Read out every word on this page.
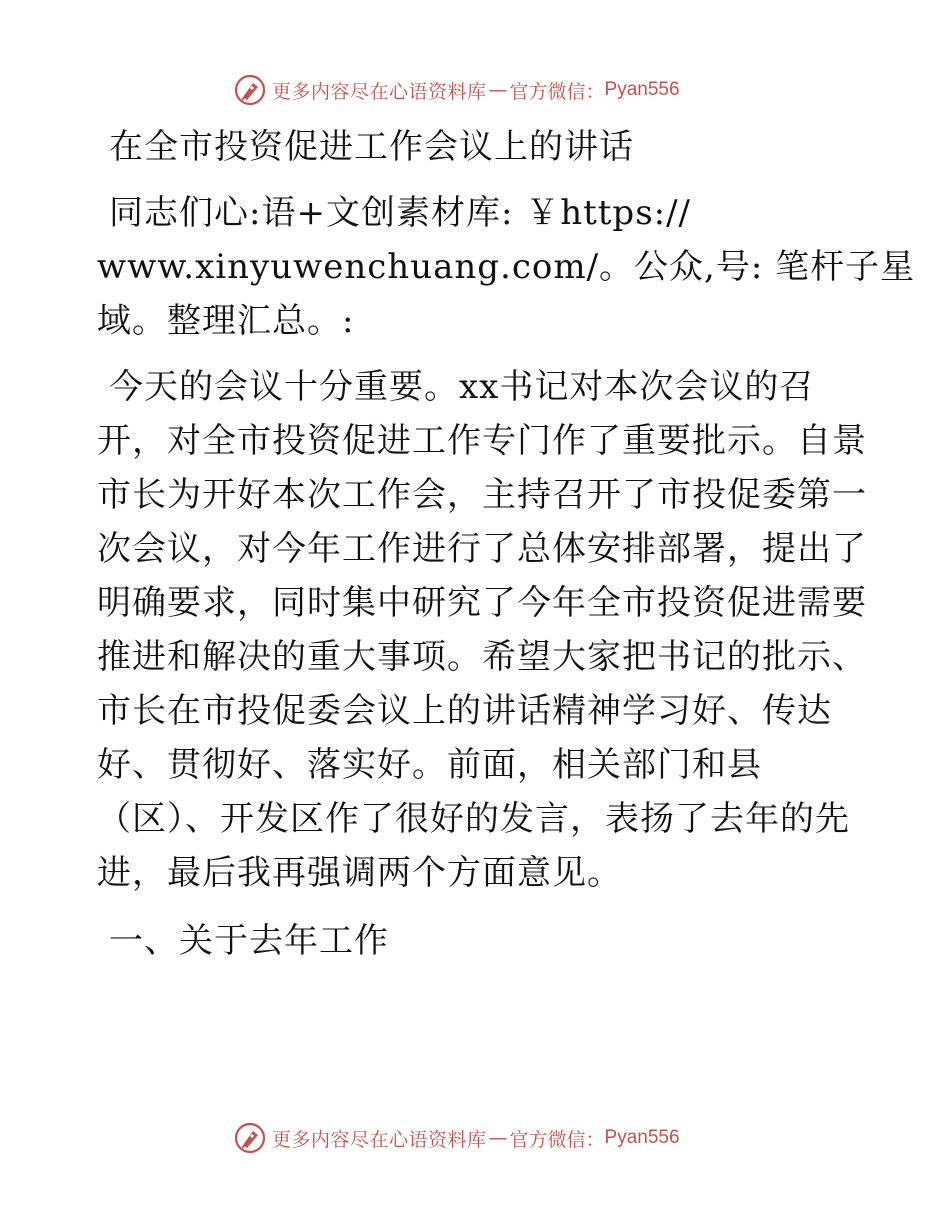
更多内容尽在心语资料库 — 官方微信： Pyan556
在全市投资促进工作会议上的讲话
同志们心:语+文创素材库: ￥https://
www.xinyuwenchuang.com/。公众,号: 笔杆子星
域。整理汇总。:
今天的会议十分重要。xx书记对本次会议的召
开，对全市投资促进工作专门作了重要批示。自景
市长为开好本次工作会，主持召开了市投促委第一
次会议，对今年工作进行了总体安排部署，提出了
明确要求，同时集中研究了今年全市投资促进需要
推进和解决的重大事项。希望大家把书记的批示、
市长在市投促委会议上的讲话精神学习好、传达
好、贯彻好、落实好。前面，相关部门和县
（区）、开发区作了很好的发言，表扬了去年的先
进，最后我再强调两个方面意见。
一、关于去年工作
更多内容尽在心语资料库 — 官方微信： Pyan556
